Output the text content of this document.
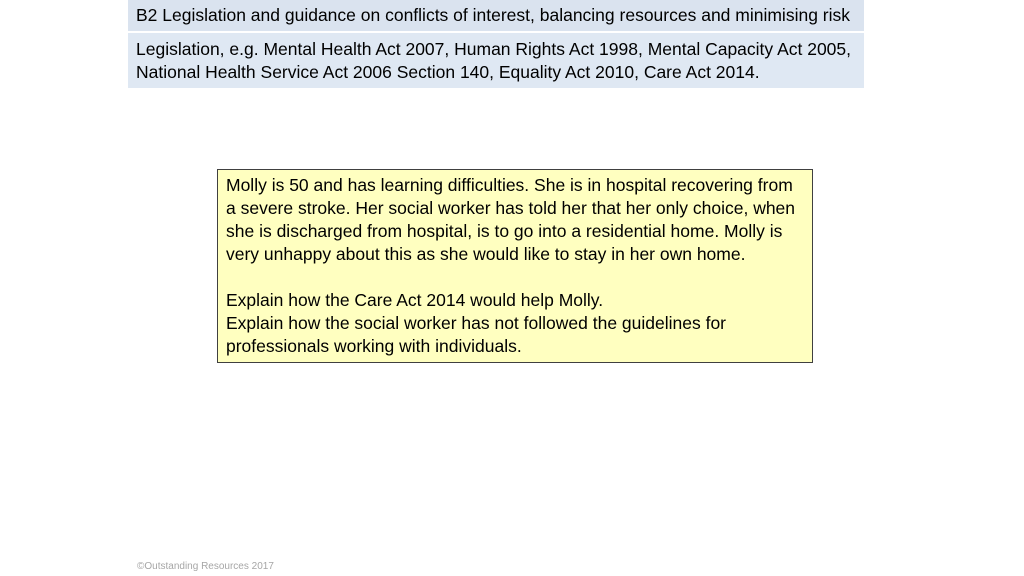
B2 Legislation and guidance on conflicts of interest, balancing resources and minimising risk
Legislation, e.g. Mental Health Act 2007, Human Rights Act 1998, Mental Capacity Act 2005,
National Health Service Act 2006 Section 140, Equality Act 2010, Care Act 2014.

Molly is 50 and has learning difficulties. She is in hospital recovering from a severe stroke. Her social worker has told her that her only choice, when she is discharged from hospital, is to go into a residential home. Molly is very unhappy about this as she would like to stay in her own home.

Explain how the Care Act 2014 would help Molly.

Explain how the social worker has not followed the guidelines for professionals working with individuals.

©Outstanding Resources 2017
